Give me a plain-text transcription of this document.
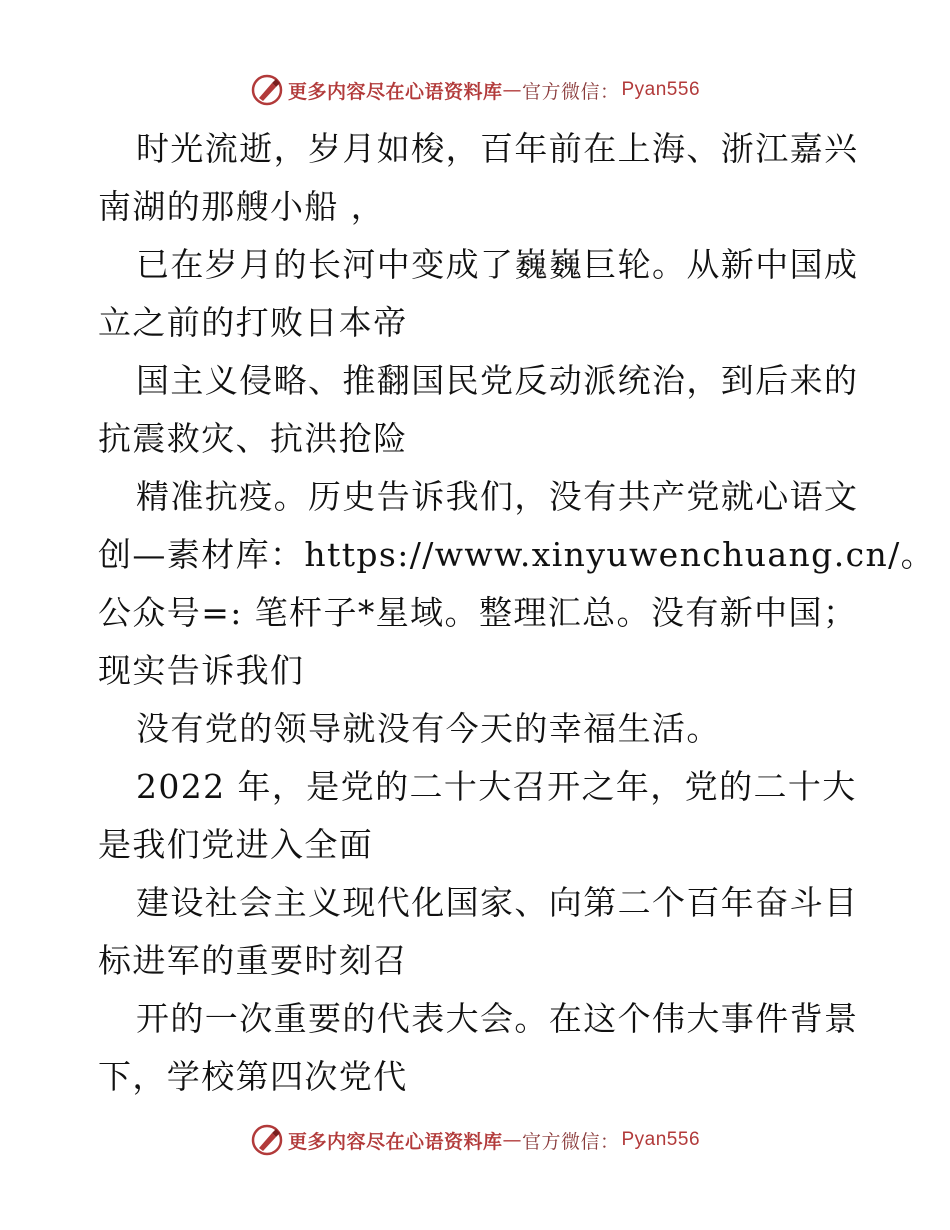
更多内容尽在心语资料库 — 官方微信： Pyan556
时光流逝，岁月如梭，百年前在上海、浙江嘉兴
南湖的那艘小船 ，
已在岁月的长河中变成了巍巍巨轮。从新中国成
立之前的打败日本帝
国主义侵略、推翻国民党反动派统治，到后来的
抗震救灾、抗洪抢险
精准抗疫。历史告诉我们，没有共产党就心语文
创—素材库：https://www.xinyuwenchuang.cn/。
公众号=: 笔杆子*星域。整理汇总。没有新中国；
现实告诉我们
没有党的领导就没有今天的幸福生活。
2022 年，是党的二十大召开之年，党的二十大
是我们党进入全面
建设社会主义现代化国家、向第二个百年奋斗目
标进军的重要时刻召
开的一次重要的代表大会。在这个伟大事件背景
下，学校第四次党代
更多内容尽在心语资料库 — 官方微信： Pyan556
